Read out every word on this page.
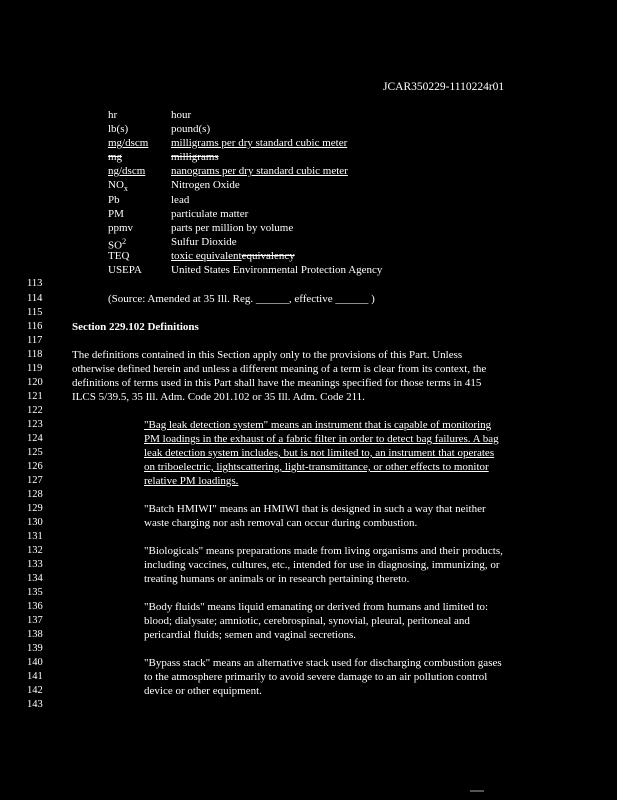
JCAR350229-1110224r01
hr	hour
lb(s)	pound(s)
mg/dscm milligrams per dry standard cubic meter
mg	milligrams
ng/dscm nanograms per dry standard cubic meter
$NO_x$	Nitrogen Oxide
Pb	lead
PM	particulate matter
ppmv	parts per million by volume
$SO^2$	Sulfur Dioxide
TEQ	toxic equivalentequivalency
USEPA	United States Environmental Protection Agency
113
114
115
116
117
118
119
120
121
122
123
124
125
126
127
128
129
130
131
132
133
134
135
136
137
138
139
140
141
142
143
(Source: Amended at 35 Ill. Reg. ______, effective ______ )
Section 229.102 Definitions
The definitions contained in this Section apply only to the provisions of this Part. Unless
otherwise defined herein and unless a different meaning of a term is clear from its context, the
definitions of terms used in this Part shall have the meanings specified for those terms in 415
ILCS 5/39.5, 35 Ill. Adm. Code 201.102 or 35 Ill. Adm. Code 211.
"Bag leak detection system" means an instrument that is capable of monitoring
PM loadings in the exhaust of a fabric filter in order to detect bag failures. A bag
leak detection system includes, but is not limited to, an instrument that operates
on triboelectric, lightscattering, light-transmittance, or other effects to monitor
relative PM loadings.
"Batch HMIWI" means an HMIWI that is designed in such a way that neither
waste charging nor ash removal can occur during combustion.
"Biologicals" means preparations made from living organisms and their products,
including vaccines, cultures, etc., intended for use in diagnosing, immunizing, or
treating humans or animals or in research pertaining thereto.
"Body fluids" means liquid emanating or derived from humans and limited to:
blood; dialysate; amniotic, cerebrospinal, synovial, pleural, peritoneal and
pericardial fluids; semen and vaginal secretions.
"Bypass stack" means an alternative stack used for discharging combustion gases
to the atmosphere primarily to avoid severe damage to an air pollution control
device or other equipment.
